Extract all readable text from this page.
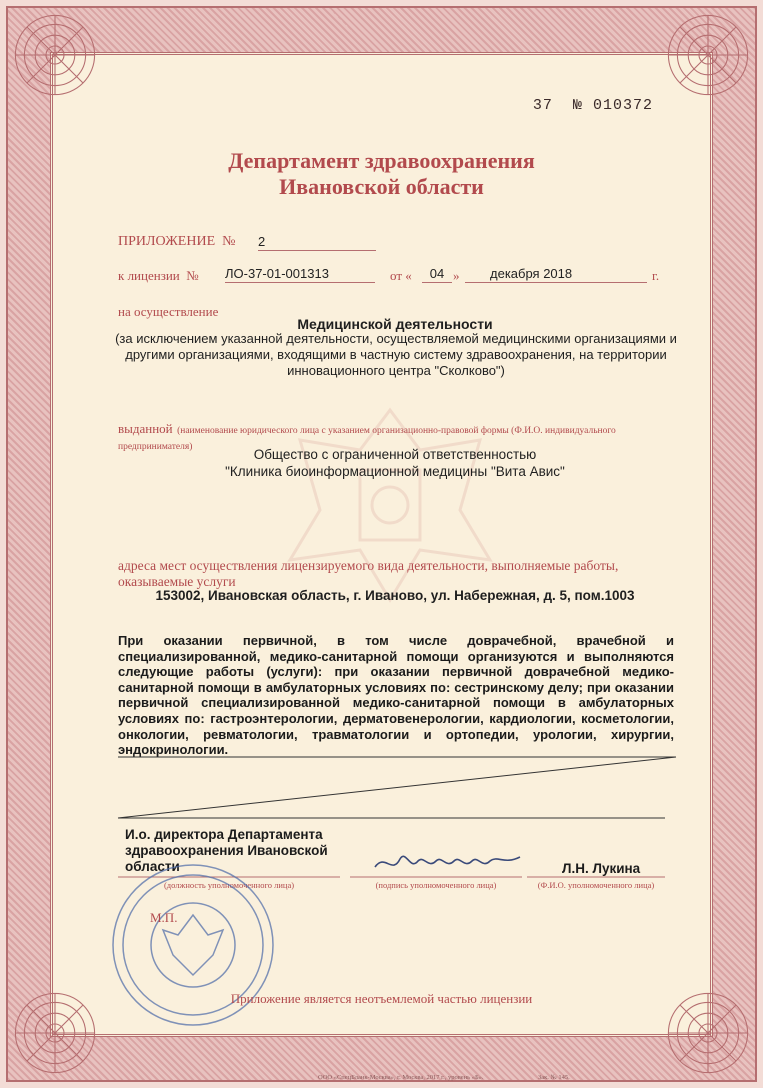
37 № 010372
Департамент здравоохранения
Ивановской области
ПРИЛОЖЕНИЕ № 2
к лицензии № ЛО-37-01-001313	от «	04 »	декабря 2018	г.
на осуществление
Медицинской деятельности
(за исключением указанной деятельности, осуществляемой медицинскими организациями и другими организациями, входящими в частную систему здравоохранения, на территории инновационного центра "Сколково")
выданной (наименование юридического лица с указанием организационно-правовой формы (Ф.И.О. индивидуального предпринимателя)	Общество с ограниченной ответственностью
"Клиника биоинформационной медицины "Вита Авис"
адреса мест осуществления лицензируемого вида деятельности, выполняемые работы, оказываемые услуги
153002, Ивановская область, г. Иваново, ул. Набережная, д. 5, пом.1003
При оказании первичной, в том числе доврачебной, врачебной и специализированной, медико-санитарной помощи организуются и выполняются следующие работы (услуги): при оказании первичной доврачебной медико-санитарной помощи в амбулаторных условиях по: сестринскому делу; при оказании первичной специализированной медико-санитарной помощи в амбулаторных условиях по: гастроэнтерологии, дерматовенерологии, кардиологии, косметологии, онкологии, ревматологии, травматологии и ортопедии, урологии, хирургии, эндокринологии.
И.о. директора Департамента здравоохранения Ивановской области
(должность уполномоченного лица)	(подпись уполномоченного лица)
Л.Н. Лукина
(Ф.И.О. уполномоченного лица)
М.П.
Приложение является неотъемлемой частью лицензии
ООО «СпецБланк-Москва», г. Москва, 2017 г., уровень «Б».	Зак. № 145.
